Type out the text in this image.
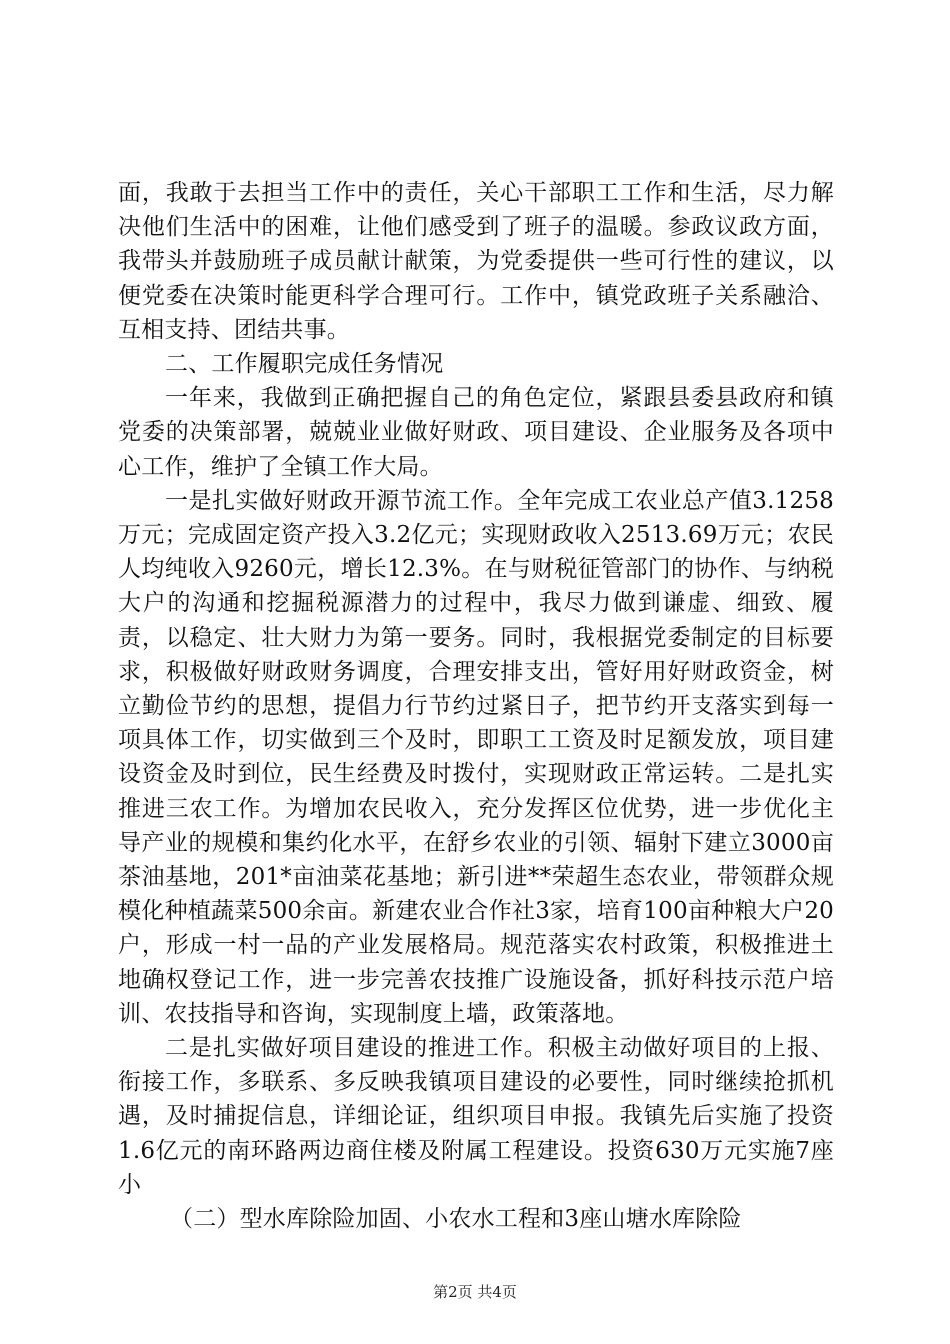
面，我敢于去担当工作中的责任，关心干部职工工作和生活，尽力解决他们生活中的困难，让他们感受到了班子的温暖。参政议政方面，我带头并鼓励班子成员献计献策，为党委提供一些可行性的建议，以便党委在决策时能更科学合理可行。工作中，镇党政班子关系融洽、互相支持、团结共事。

二、工作履职完成任务情况

一年来，我做到正确把握自己的角色定位，紧跟县委县政府和镇党委的决策部署，兢兢业业做好财政、项目建设、企业服务及各项中心工作，维护了全镇工作大局。

一是扎实做好财政开源节流工作。全年完成工农业总产值3.1258万元；完成固定资产投入3.2亿元；实现财政收入2513.69万元；农民人均纯收入9260元，增长12.3%。在与财税征管部门的协作、与纳税大户的沟通和挖掘税源潜力的过程中，我尽力做到谦虚、细致、履责，以稳定、壮大财力为第一要务。同时，我根据党委制定的目标要求，积极做好财政财务调度，合理安排支出，管好用好财政资金，树立勤俭节约的思想，提倡力行节约过紧日子，把节约开支落实到每一项具体工作，切实做到三个及时，即职工工资及时足额发放，项目建设资金及时到位，民生经费及时拨付，实现财政正常运转。二是扎实推进三农工作。为增加农民收入，充分发挥区位优势，进一步优化主导产业的规模和集约化水平，在舒乡农业的引领、辐射下建立3000亩茶油基地，201*亩油菜花基地；新引进**荣超生态农业，带领群众规模化种植蔬菜500余亩。新建农业合作社3家，培育100亩种粮大户20户，形成一村一品的产业发展格局。规范落实农村政策，积极推进土地确权登记工作，进一步完善农技推广设施设备，抓好科技示范户培训、农技指导和咨询，实现制度上墙，政策落地。

二是扎实做好项目建设的推进工作。积极主动做好项目的上报、衔接工作，多联系、多反映我镇项目建设的必要性，同时继续抢抓机遇，及时捕捉信息，详细论证，组织项目申报。我镇先后实施了投资1.6亿元的南环路两边商住楼及附属工程建设。投资630万元实施7座小

（二）型水库除险加固、小农水工程和3座山塘水库除险

第2页 共4页
